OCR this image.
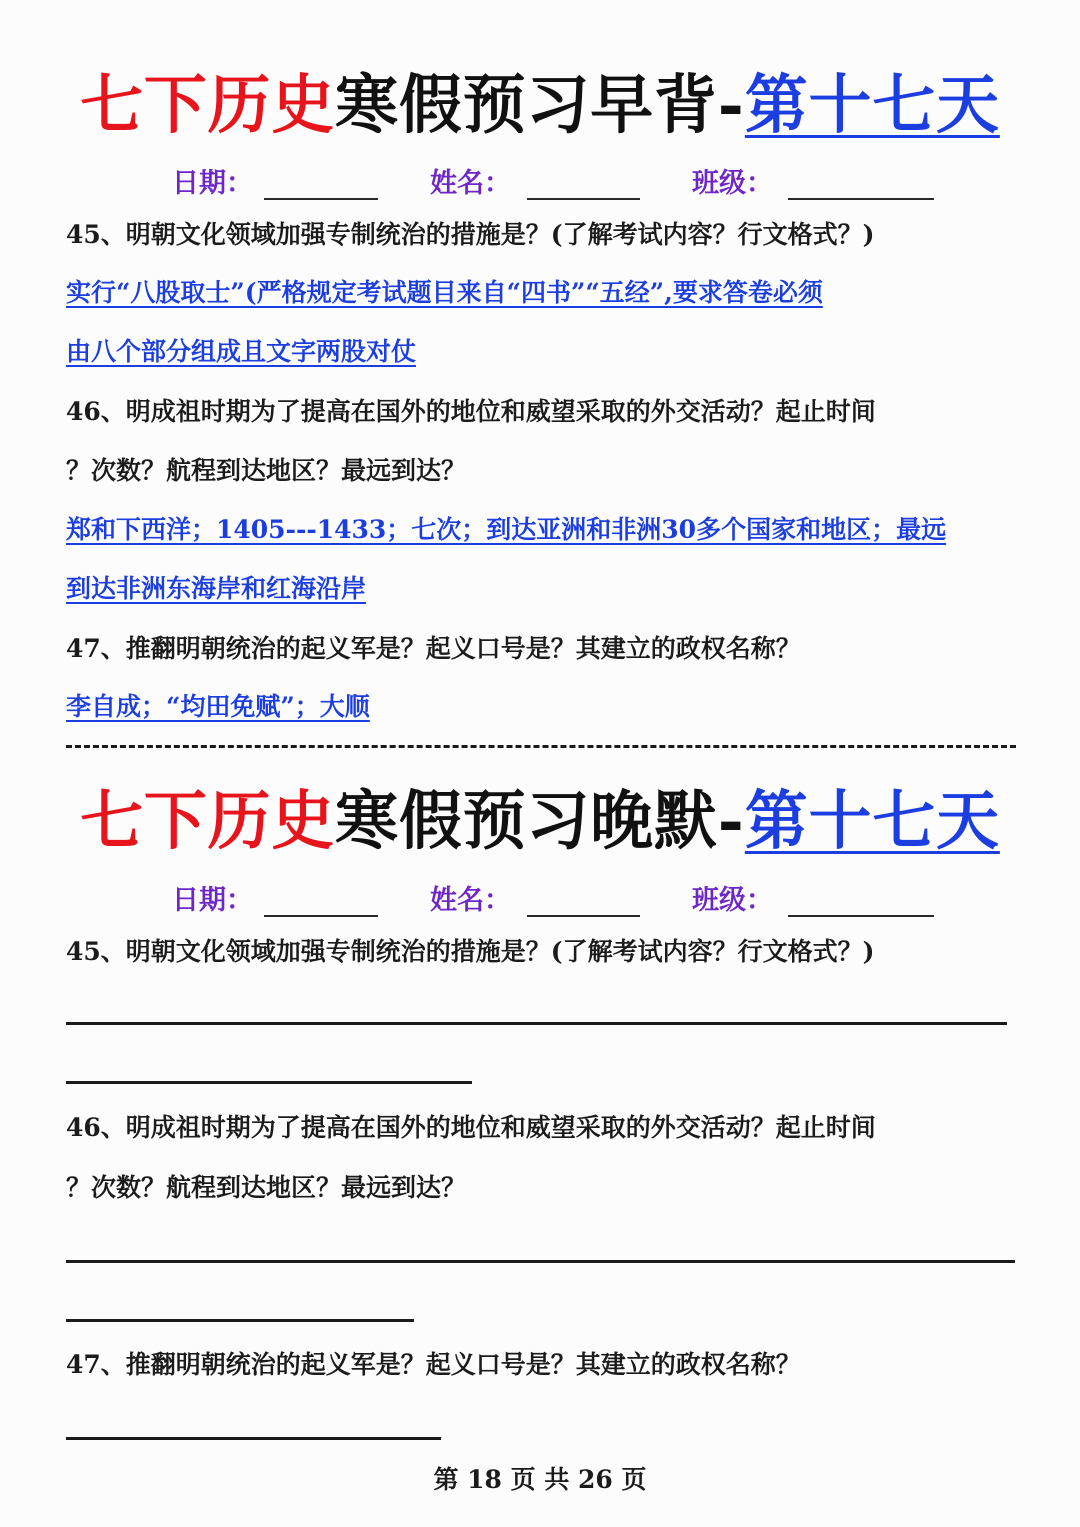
七下历史寒假预习早背-第十七天
日期：	姓名：	班级：
45、明朝文化领域加强专制统治的措施是？(了解考试内容？行文格式？)
实行“八股取士”(严格规定考试题目来自“四书”“五经”,要求答卷必须
由八个部分组成且文字两股对仗
46、明成祖时期为了提高在国外的地位和威望采取的外交活动？起止时间
？次数？航程到达地区？最远到达？
郑和下西洋；1405---1433；七次；到达亚洲和非洲30多个国家和地区；最远
到达非洲东海岸和红海沿岸
47、推翻明朝统治的起义军是？起义口号是？其建立的政权名称？
李自成；“均田免赋”；大顺
七下历史寒假预习晚默-第十七天
日期：	姓名：	班级：
45、明朝文化领域加强专制统治的措施是？(了解考试内容？行文格式？)
46、明成祖时期为了提高在国外的地位和威望采取的外交活动？起止时间
？次数？航程到达地区？最远到达？
47、推翻明朝统治的起义军是？起义口号是？其建立的政权名称？
第 18 页 共 26 页
